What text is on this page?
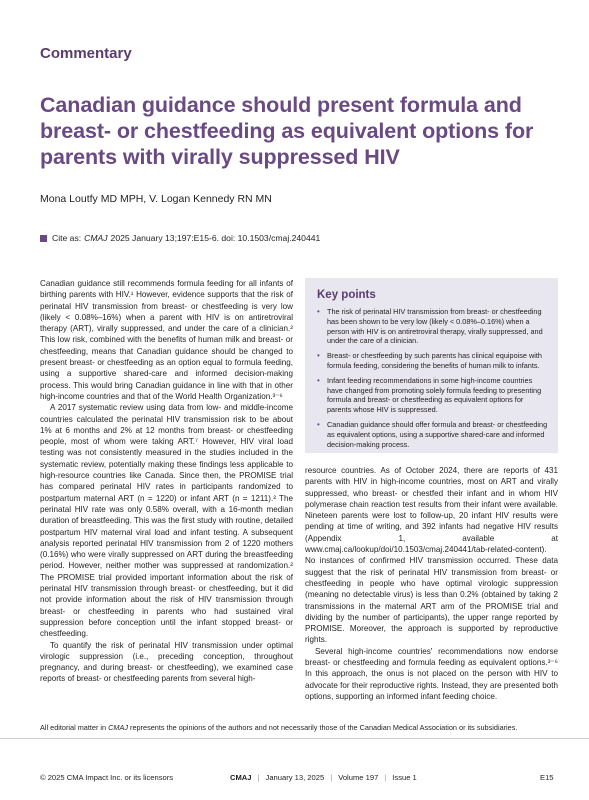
Commentary
Canadian guidance should present formula and breast- or chestfeeding as equivalent options for parents with virally suppressed HIV
Mona Loutfy MD MPH, V. Logan Kennedy RN MN
Cite as: CMAJ 2025 January 13;197:E15-6. doi: 10.1503/cmaj.240441

Canadian guidance still recommends formula feeding for all infants of birthing parents with HIV.¹ However, evidence supports that the risk of perinatal HIV transmission from breast- or chestfeeding is very low (likely < 0.08%–16%) when a parent with HIV is on antiretroviral therapy (ART), virally suppressed, and under the care of a clinician.² This low risk, combined with the benefits of human milk and breast- or chestfeeding, means that Canadian guidance should be changed to present breast- or chestfeeding as an option equal to formula feeding, using a supportive shared-care and informed decision-making process. This would bring Canadian guidance in line with that in other high-income countries and that of the World Health Organization.³⁻⁶

A 2017 systematic review using data from low- and middle-income countries calculated the perinatal HIV transmission risk to be about 1% at 6 months and 2% at 12 months from breast- or chestfeeding people, most of whom were taking ART.⁷ However, HIV viral load testing was not consistently measured in the studies included in the systematic review, potentially making these findings less applicable to high-resource countries like Canada. Since then, the PROMISE trial has compared perinatal HIV rates in participants randomized to postpartum maternal ART (n = 1220) or infant ART (n = 1211).² The perinatal HIV rate was only 0.58% overall, with a 16-month median duration of breastfeeding. This was the first study with routine, detailed postpartum HIV maternal viral load and infant testing. A subsequent analysis reported perinatal HIV transmission from 2 of 1220 mothers (0.16%) who were virally suppressed on ART during the breastfeeding period. However, neither mother was suppressed at randomization.² The PROMISE trial provided important information about the risk of perinatal HIV transmission through breast- or chestfeeding, but it did not provide information about the risk of HIV transmission through breast- or chestfeeding in parents who had sustained viral suppression before conception until the infant stopped breast- or chestfeeding.

To quantify the risk of perinatal HIV transmission under optimal virologic suppression (i.e., preceding conception, throughout pregnancy, and during breast- or chestfeeding), we examined case reports of breast- or chestfeeding parents from several high-

Key points
• The risk of perinatal HIV transmission from breast- or chestfeeding has been shown to be very low (likely < 0.08%–0.16%) when a person with HIV is on antiretroviral therapy, virally suppressed, and under the care of a clinician.
• Breast- or chestfeeding by such parents has clinical equipoise with formula feeding, considering the benefits of human milk to infants.
• Infant feeding recommendations in some high-income countries have changed from promoting solely formula feeding to presenting formula and breast- or chestfeeding as equivalent options for parents whose HIV is suppressed.
• Canadian guidance should offer formula and breast- or chestfeeding as equivalent options, using a supportive shared-care and informed decision-making process.

resource countries. As of October 2024, there are reports of 431 parents with HIV in high-income countries, most on ART and virally suppressed, who breast- or chestfed their infant and in whom HIV polymerase chain reaction test results from their infant were available. Nineteen parents were lost to follow-up, 20 infant HIV results were pending at time of writing, and 392 infants had negative HIV results (Appendix 1, available at www.cmaj.ca/lookup/doi/10.1503/cmaj.240441/tab-related-content). No instances of confirmed HIV transmission occurred. These data suggest that the risk of perinatal HIV transmission from breast- or chestfeeding in people who have optimal virologic suppression (meaning no detectable virus) is less than 0.2% (obtained by taking 2 transmissions in the maternal ART arm of the PROMISE trial and dividing by the number of participants), the upper range reported by PROMISE. Moreover, the approach is supported by reproductive rights.

Several high-income countries' recommendations now endorse breast- or chestfeeding and formula feeding as equivalent options.³⁻⁶ In this approach, the onus is not placed on the person with HIV to advocate for their reproductive rights. Instead, they are presented both options, supporting an informed infant feeding choice.

All editorial matter in CMAJ represents the opinions of the authors and not necessarily those of the Canadian Medical Association or its subsidiaries.
© 2025 CMA Impact Inc. or its licensors	CMAJ | January 13, 2025 | Volume 197 | Issue 1	E15
